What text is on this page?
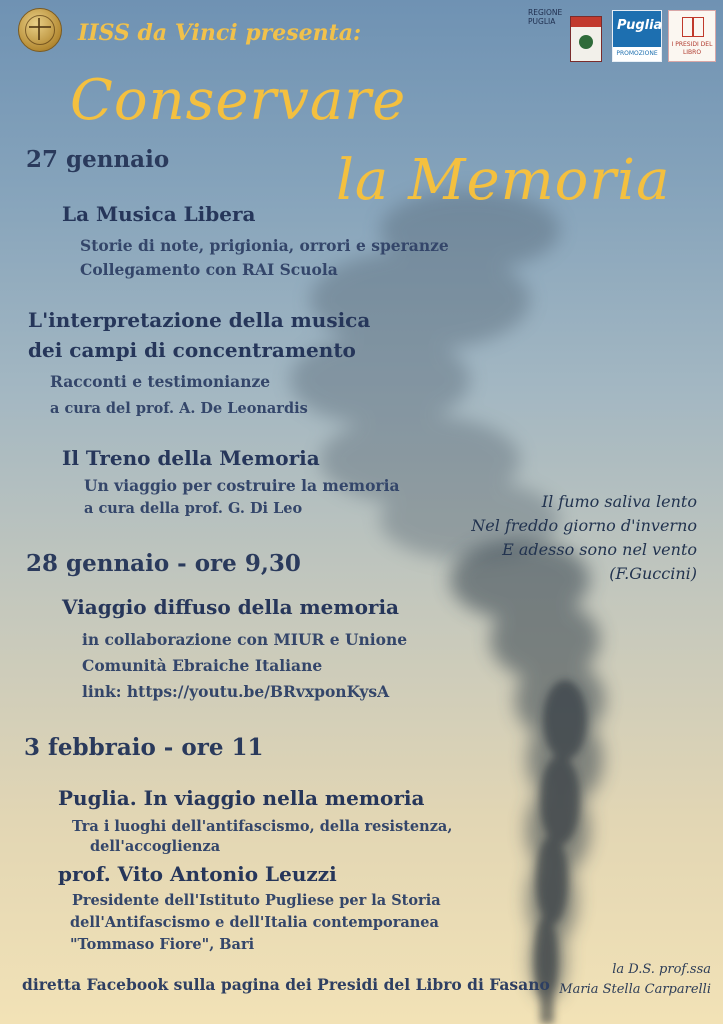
IISS da Vinci presenta:

Conservare

la Memoria

REGIONE
PUGLIA	Puglia
PROMOZIONE
I PRESIDI DEL LIBRO

27 gennaio

La Musica Libera

Storie di note, prigionia, orrori e speranze

Collegamento con RAI Scuola

L'interpretazione della musica

dei campi di concentramento

Racconti e testimonianze

a cura del prof. A. De Leonardis

Il Treno della Memoria

Un viaggio per costruire la memoria

a cura della prof. G. Di Leo

28 gennaio - ore 9,30

Viaggio diffuso della memoria

in collaborazione con MIUR e Unione

Comunità Ebraiche Italiane

link: https://youtu.be/BRvxponKysA

3 febbraio - ore 11

Puglia. In viaggio nella memoria

Tra i luoghi dell'antifascismo, della resistenza,

dell'accoglienza

prof. Vito Antonio Leuzzi

Presidente dell'Istituto Pugliese per la Storia

dell'Antifascismo e dell'Italia contemporanea

"Tommaso Fiore", Bari

Il fumo saliva lento
Nel freddo giorno d'inverno
E adesso sono nel vento
(F.Guccini)

diretta Facebook sulla pagina dei Presidi del Libro di Fasano

la D.S. prof.ssa
Maria Stella Carparelli
